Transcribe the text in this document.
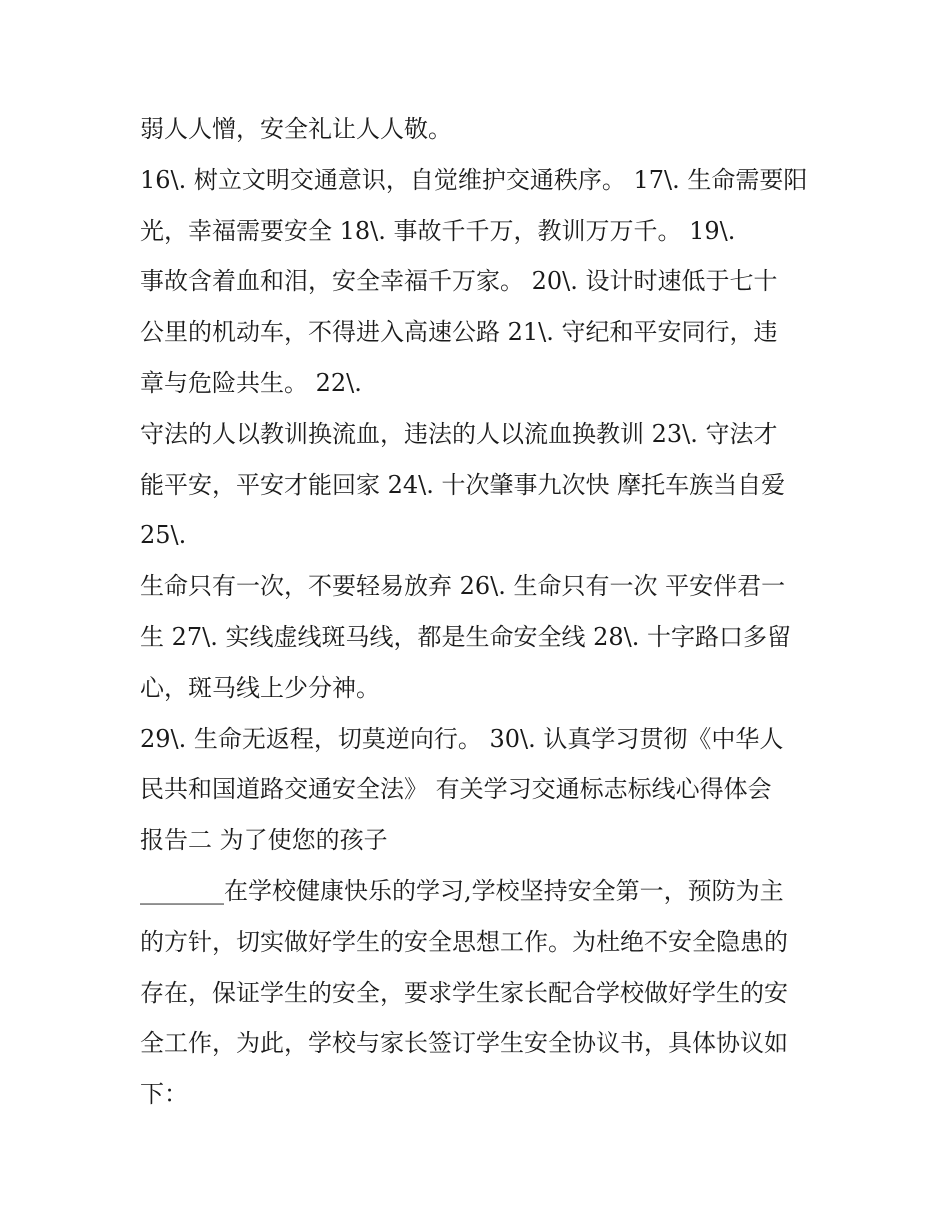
弱人人憎，安全礼让人人敬。
16\. 树立文明交通意识，自觉维护交通秩序。 17\. 生命需要阳
光，幸福需要安全 18\. 事故千千万，教训万万千。 19\.
事故含着血和泪，安全幸福千万家。 20\. 设计时速低于七十
公里的机动车，不得进入高速公路 21\. 守纪和平安同行，违
章与危险共生。 22\.
守法的人以教训换流血，违法的人以流血换教训 23\. 守法才
能平安，平安才能回家 24\. 十次肇事九次快 摩托车族当自爱
25\.
生命只有一次，不要轻易放弃 26\. 生命只有一次 平安伴君一
生 27\. 实线虚线斑马线，都是生命安全线 28\. 十字路口多留
心，斑马线上少分神。
29\. 生命无返程，切莫逆向行。 30\. 认真学习贯彻《中华人
民共和国道路交通安全法》 有关学习交通标志标线心得体会
报告二 为了使您的孩子
_______在学校健康快乐的学习,学校坚持安全第一，预防为主
的方针，切实做好学生的安全思想工作。为杜绝不安全隐患的
存在，保证学生的安全，要求学生家长配合学校做好学生的安
全工作，为此，学校与家长签订学生安全协议书，具体协议如
下：
